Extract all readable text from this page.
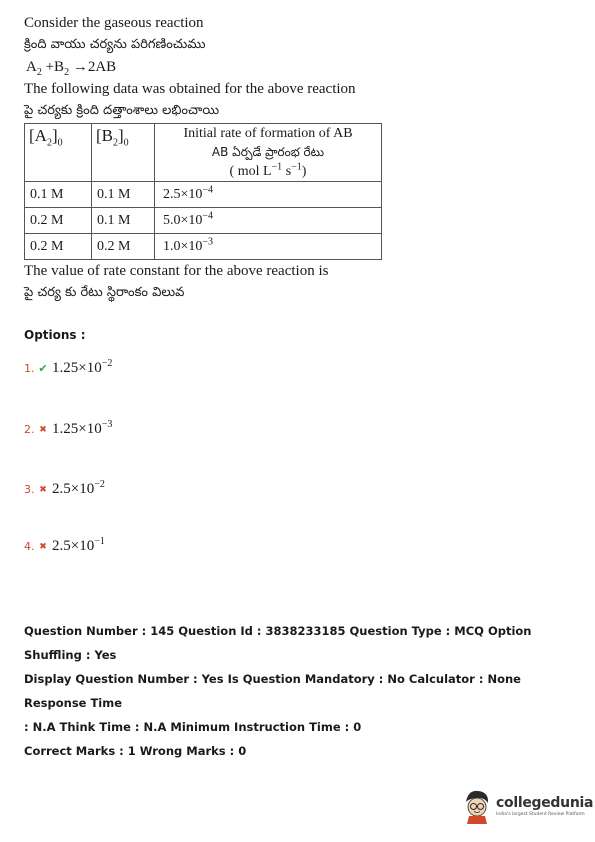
Consider the gaseous reaction
క్రింది వాయు చర్యను పరిగణించుము
$A_2 +B_2 \to 2AB$
The following data was obtained for the above reaction
పై చర్యకు క్రింది దత్తాంశాలు లభించాయి
$[A_2]_0$	$[B_2]_0$	Initial rate of formation of AB
AB ఏర్పడే ప్రారంభ రేటు
( mol $L^{-1}$ $s^{-1}$)

0.1 M	0.1 M	$2.5\times 10^{-4}$
0.2 M	0.1 M	$5.0\times 10^{-4}$
0.2 M	0.2 M	$1.0\times 10^{-3}$
The value of rate constant for the above reaction is
పై చర్య కు రేటు స్థిరాంకం విలువ
Options :
1. ✔ $1.25\times 10^{-2}$
2. ✖ $1.25\times 10^{-3}$
3. ✖ $2.5\times 10^{-2}$
4. ✖ $2.5\times 10^{-1}$
Question Number : 145 Question Id : 3838233185 Question Type : MCQ Option Shuffling : Yes
Display Question Number : Yes Is Question Mandatory : No Calculator : None Response Time
: N.A Think Time : N.A Minimum Instruction Time : 0
Correct Marks : 1 Wrong Marks : 0
collegedunia
India's largest Student Review Platform
